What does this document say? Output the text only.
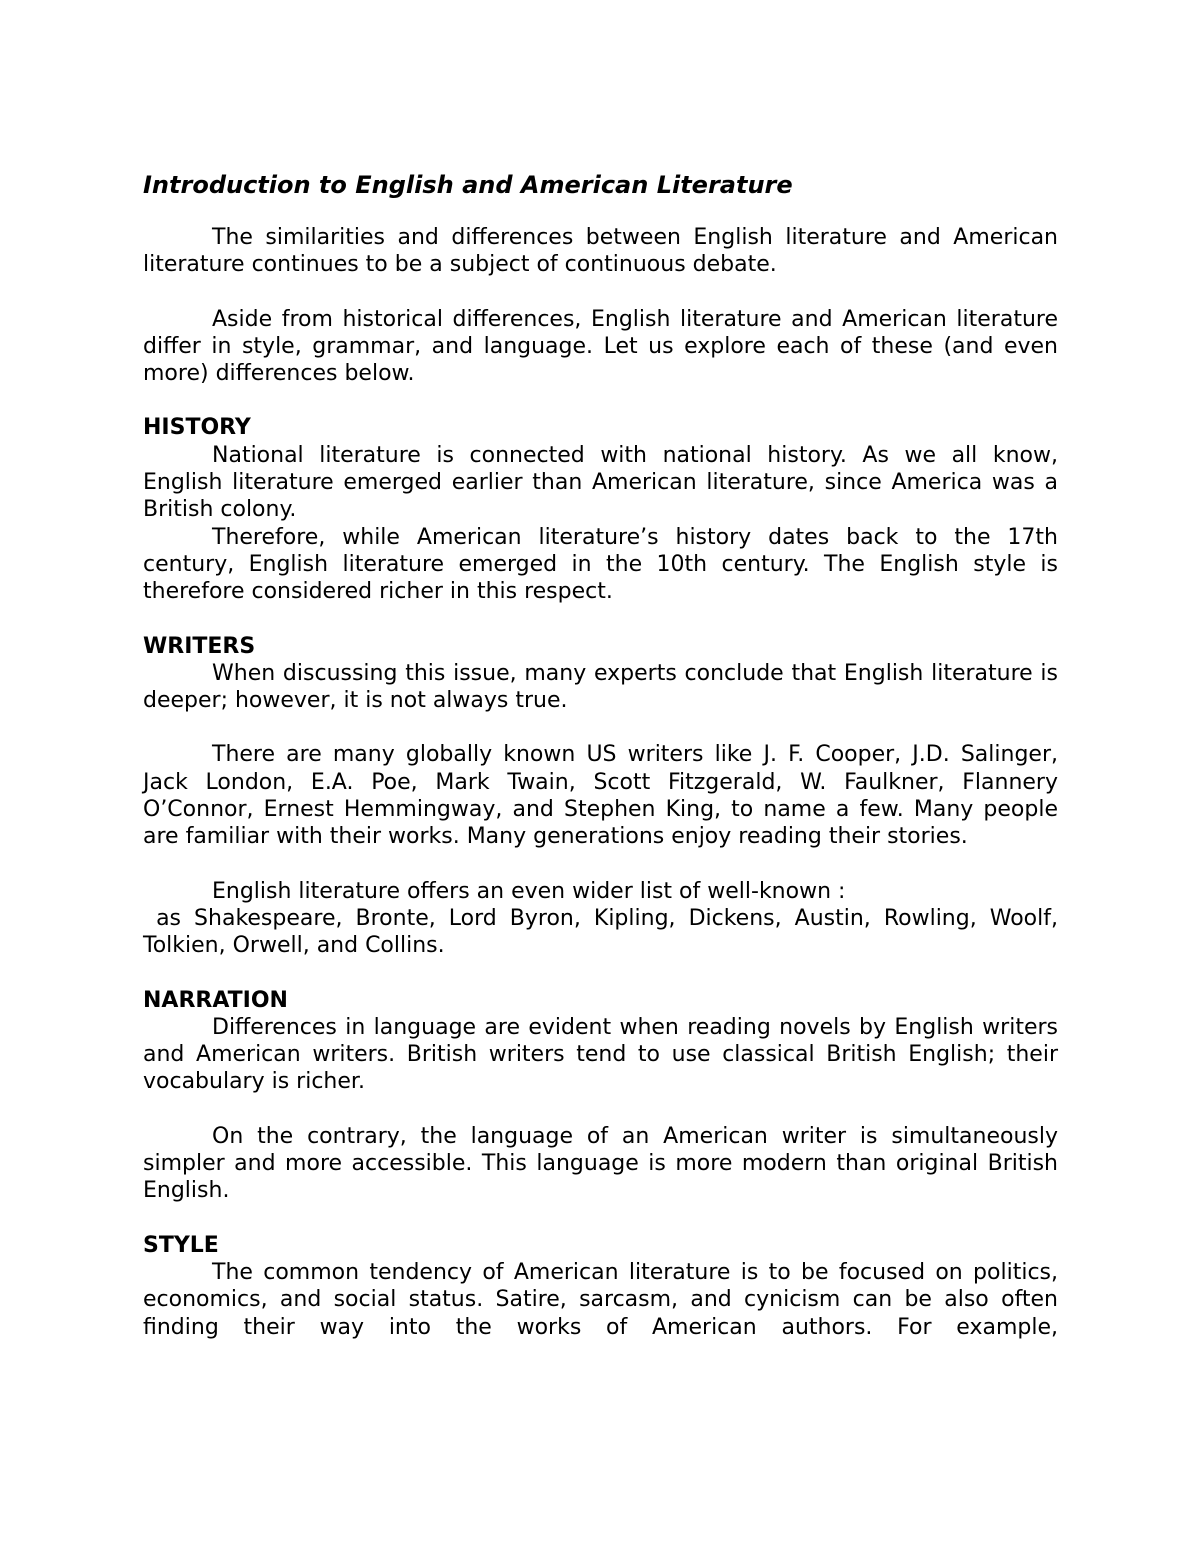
Introduction to English and American Literature

The similarities and differences between English literature and American literature continues to be a subject of continuous debate.

Aside from historical differences, English literature and American literature differ in style, grammar, and language. Let us explore each of these (and even more) differences below.

HISTORY

National literature is connected with national history. As we all know, English literature emerged earlier than American literature, since America was a British colony.

Therefore, while American literature’s history dates back to the 17th century, English literature emerged in the 10th century. The English style is therefore considered richer in this respect.

WRITERS

When discussing this issue, many experts conclude that English literature is deeper; however, it is not always true.

There are many globally known US writers like J. F. Cooper, J.D. Salinger, Jack London, E.A. Poe, Mark Twain, Scott Fitzgerald, W. Faulkner, Flannery O’Connor, Ernest Hemmingway, and Stephen King, to name a few. Many people are familiar with their works. Many generations enjoy reading their stories.

English literature offers an even wider list of well-known :

as Shakespeare, Bronte, Lord Byron, Kipling, Dickens, Austin, Rowling, Woolf, Tolkien, Orwell, and Collins.

NARRATION

Differences in language are evident when reading novels by English writers and American writers. British writers tend to use classical British English; their vocabulary is richer.

On the contrary, the language of an American writer is simultaneously simpler and more accessible. This language is more modern than original British English.

STYLE

The common tendency of American literature is to be focused on politics, economics, and social status. Satire, sarcasm, and cynicism can be also often finding their way into the works of American authors. For example,
